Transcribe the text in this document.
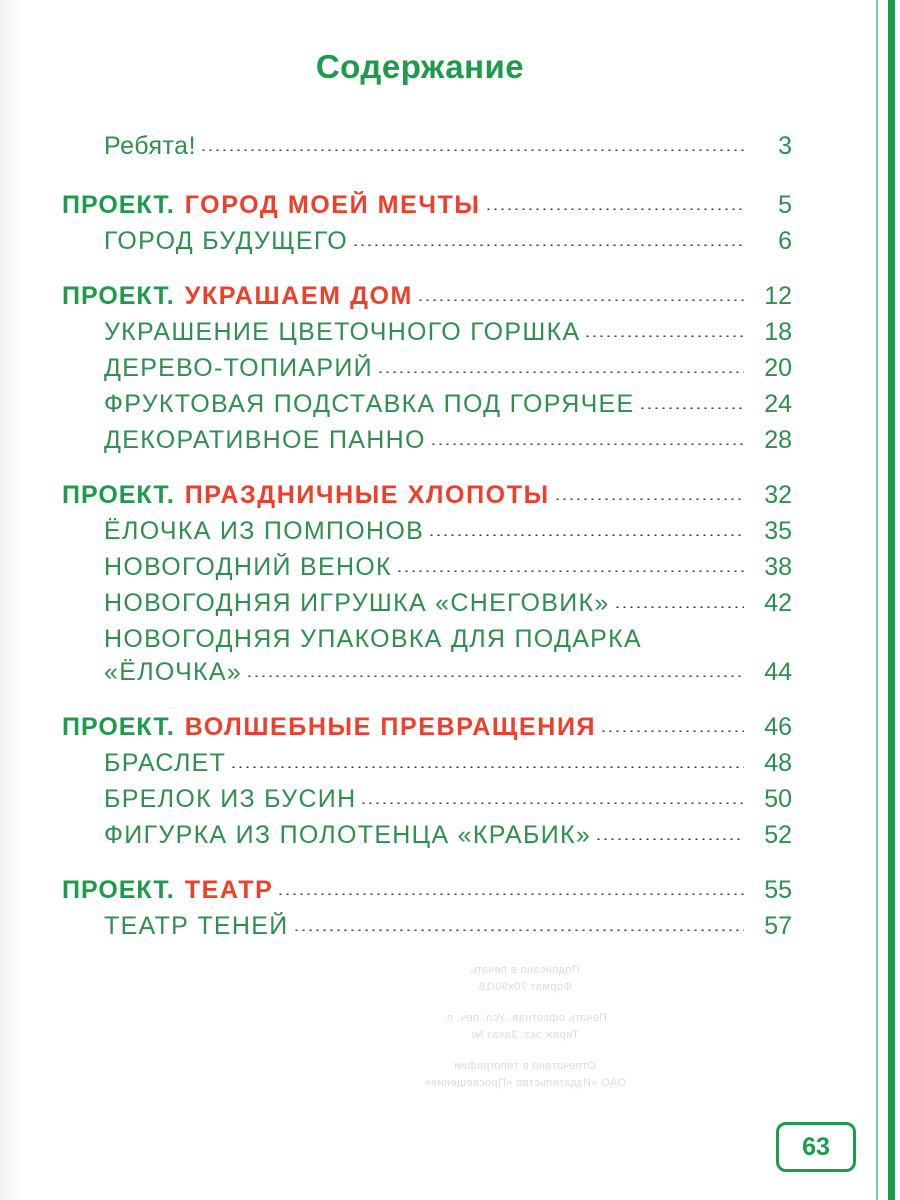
Содержание
Ребята!	3
ПРОЕКТ. ГОРОД МОЕЙ МЕЧТЫ	5
ГОРОД БУДУЩЕГО	6
ПРОЕКТ. УКРАШАЕМ ДОМ	12
УКРАШЕНИЕ ЦВЕТОЧНОГО ГОРШКА	18
ДЕРЕВО-ТОПИАРИЙ	20
ФРУКТОВАЯ ПОДСТАВКА ПОД ГОРЯЧЕЕ	24
ДЕКОРАТИВНОЕ ПАННО	28
ПРОЕКТ. ПРАЗДНИЧНЫЕ ХЛОПОТЫ	32
ЁЛОЧКА ИЗ ПОМПОНОВ	35
НОВОГОДНИЙ ВЕНОК	38
НОВОГОДНЯЯ ИГРУШКА «СНЕГОВИК»	42
НОВОГОДНЯЯ УПАКОВКА ДЛЯ ПОДАРКА
«ЁЛОЧКА»	44
ПРОЕКТ. ВОЛШЕБНЫЕ ПРЕВРАЩЕНИЯ	46
БРАСЛЕТ	48
БРЕЛОК ИЗ БУСИН	50
ФИГУРКА ИЗ ПОЛОТЕНЦА «КРАБИК»	52
ПРОЕКТ. ТЕАТР	55
ТЕАТР ТЕНЕЙ	57
Подписано в печать
Формат 70х90/16
Печать офсетная. Усл. печ. л.
Тираж экз. Заказ №
Отпечатано в типографии
ОАО «Издательство «Просвещение»
63
